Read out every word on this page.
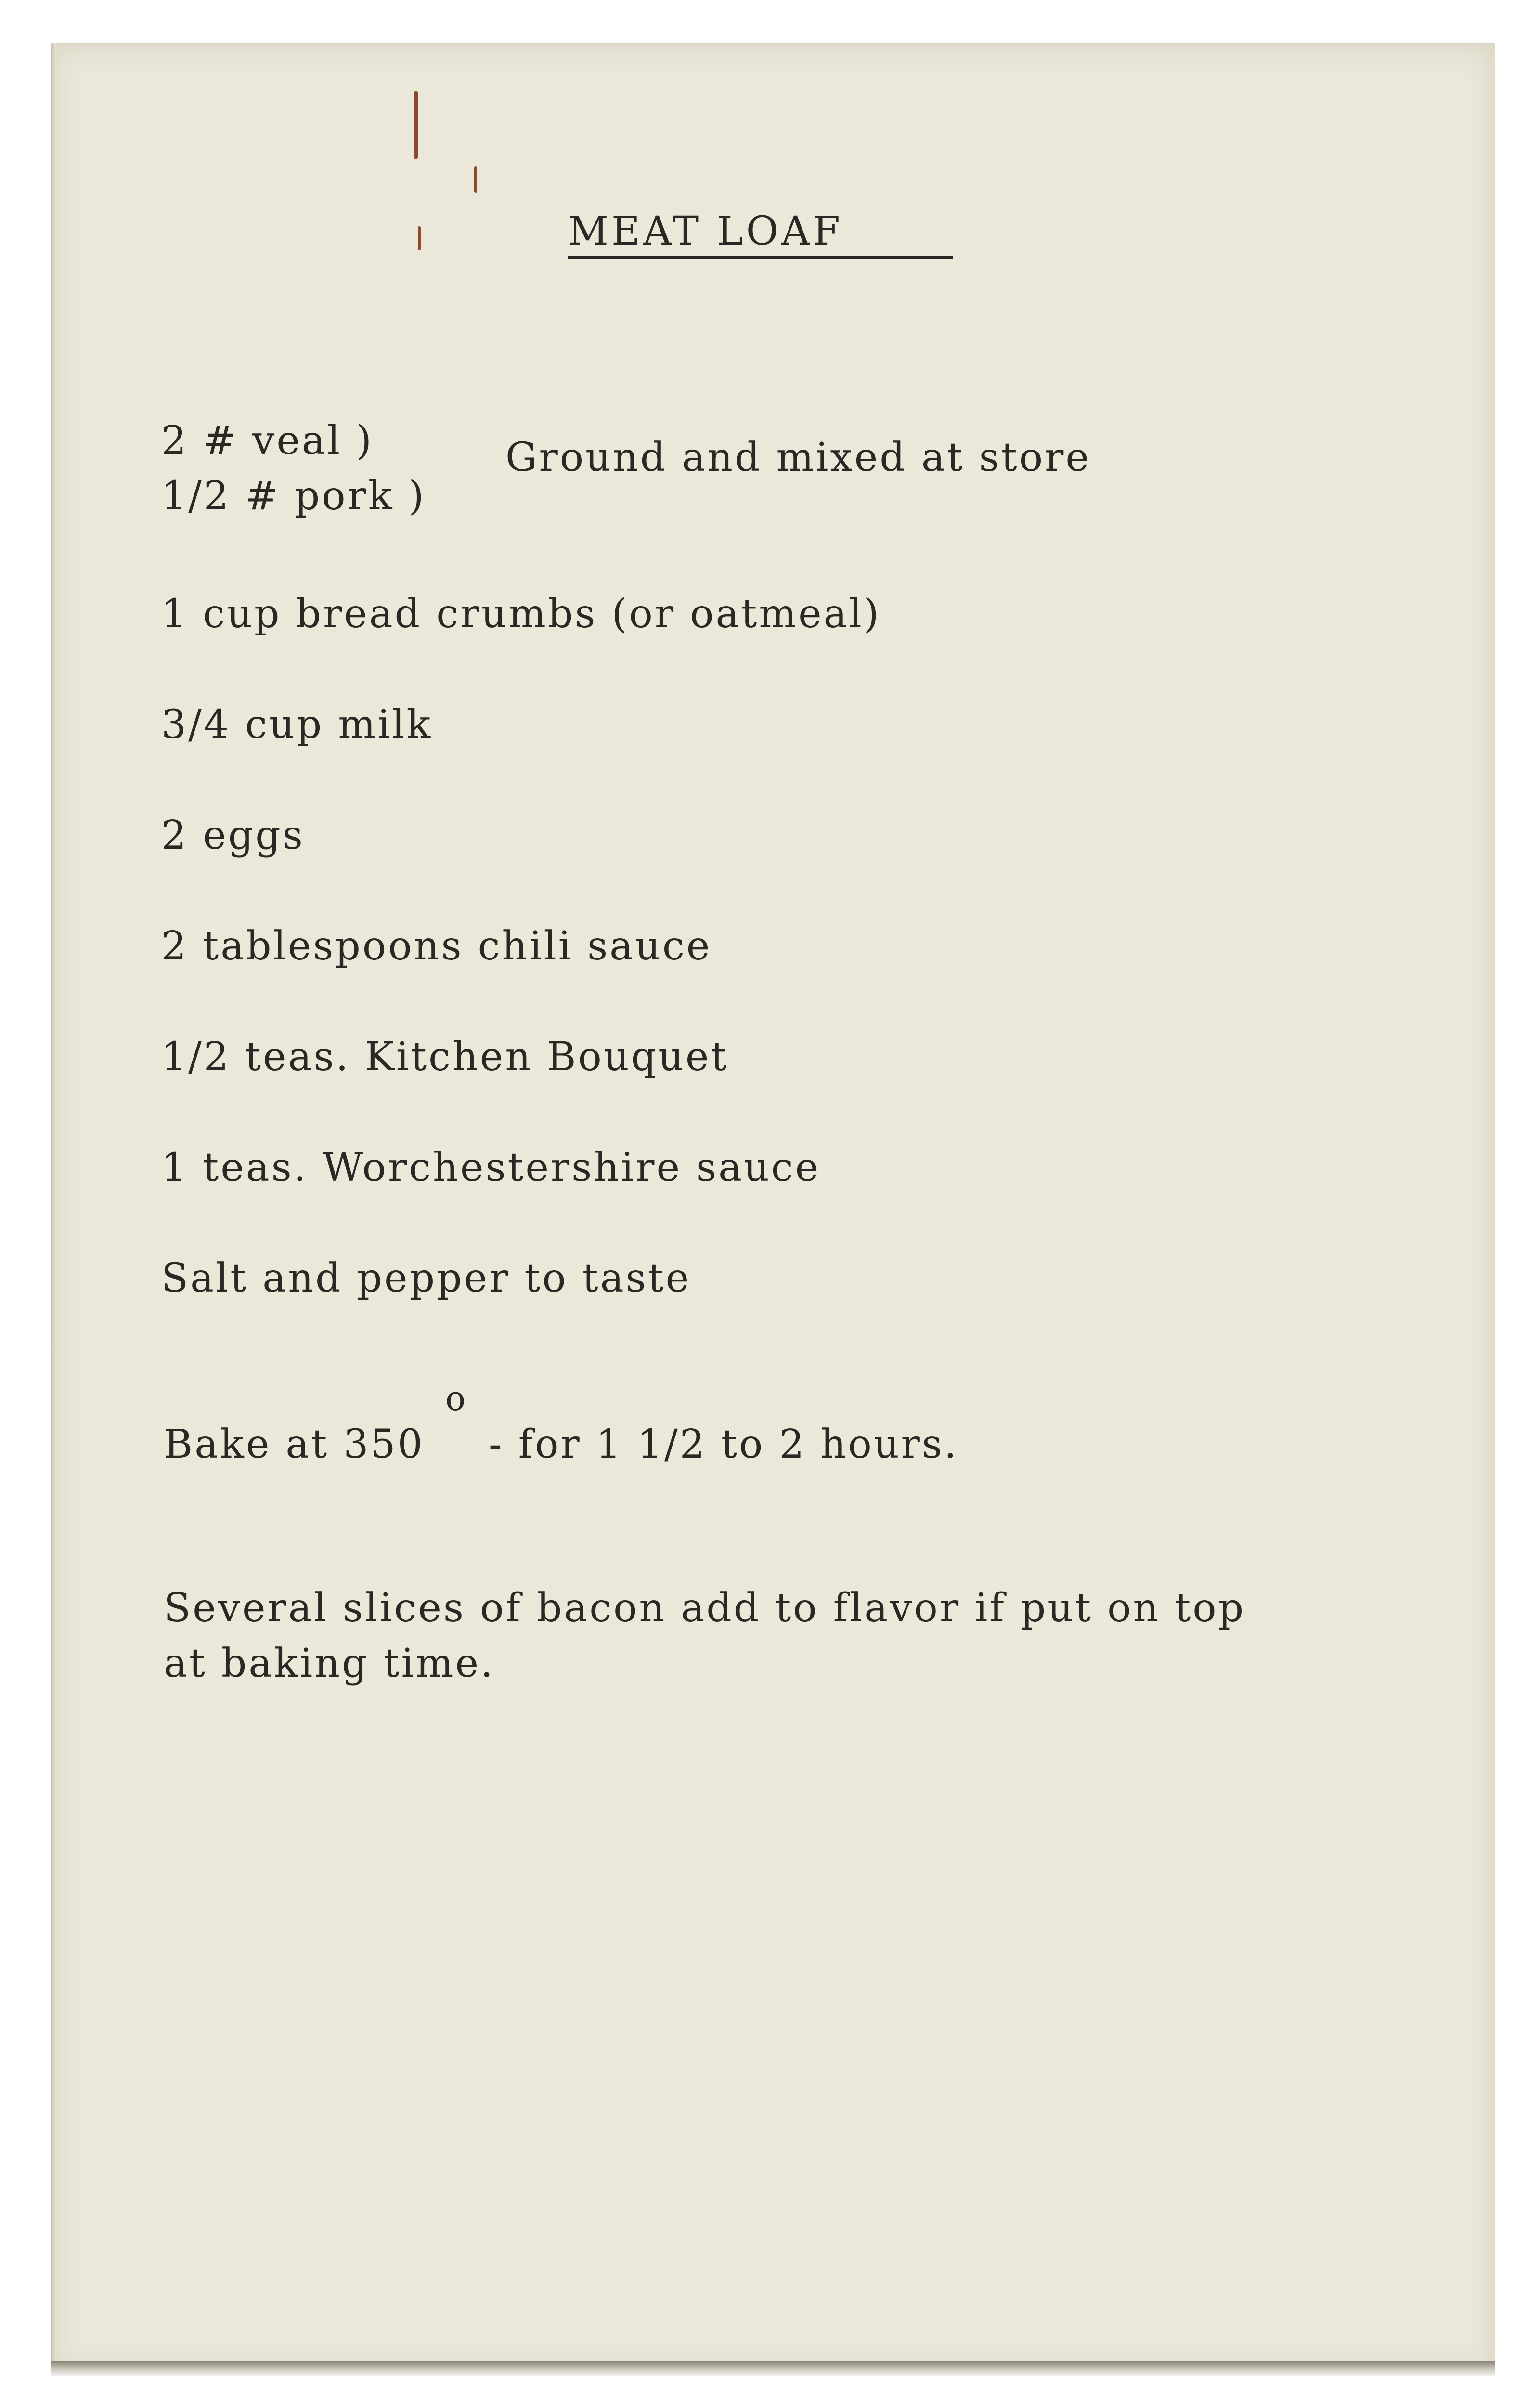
MEAT LOAF
2 # veal )
1/2 # pork )
Ground and mixed at store
1 cup bread crumbs (or oatmeal)
3/4 cup milk
2 eggs
2 tablespoons chili sauce
1/2 teas. Kitchen Bouquet
1 teas. Worchestershire sauce
Salt and pepper to taste
Bake at 350
o
- for 1 1/2 to 2 hours.
Several slices of bacon add to flavor if put on top
at baking time.
